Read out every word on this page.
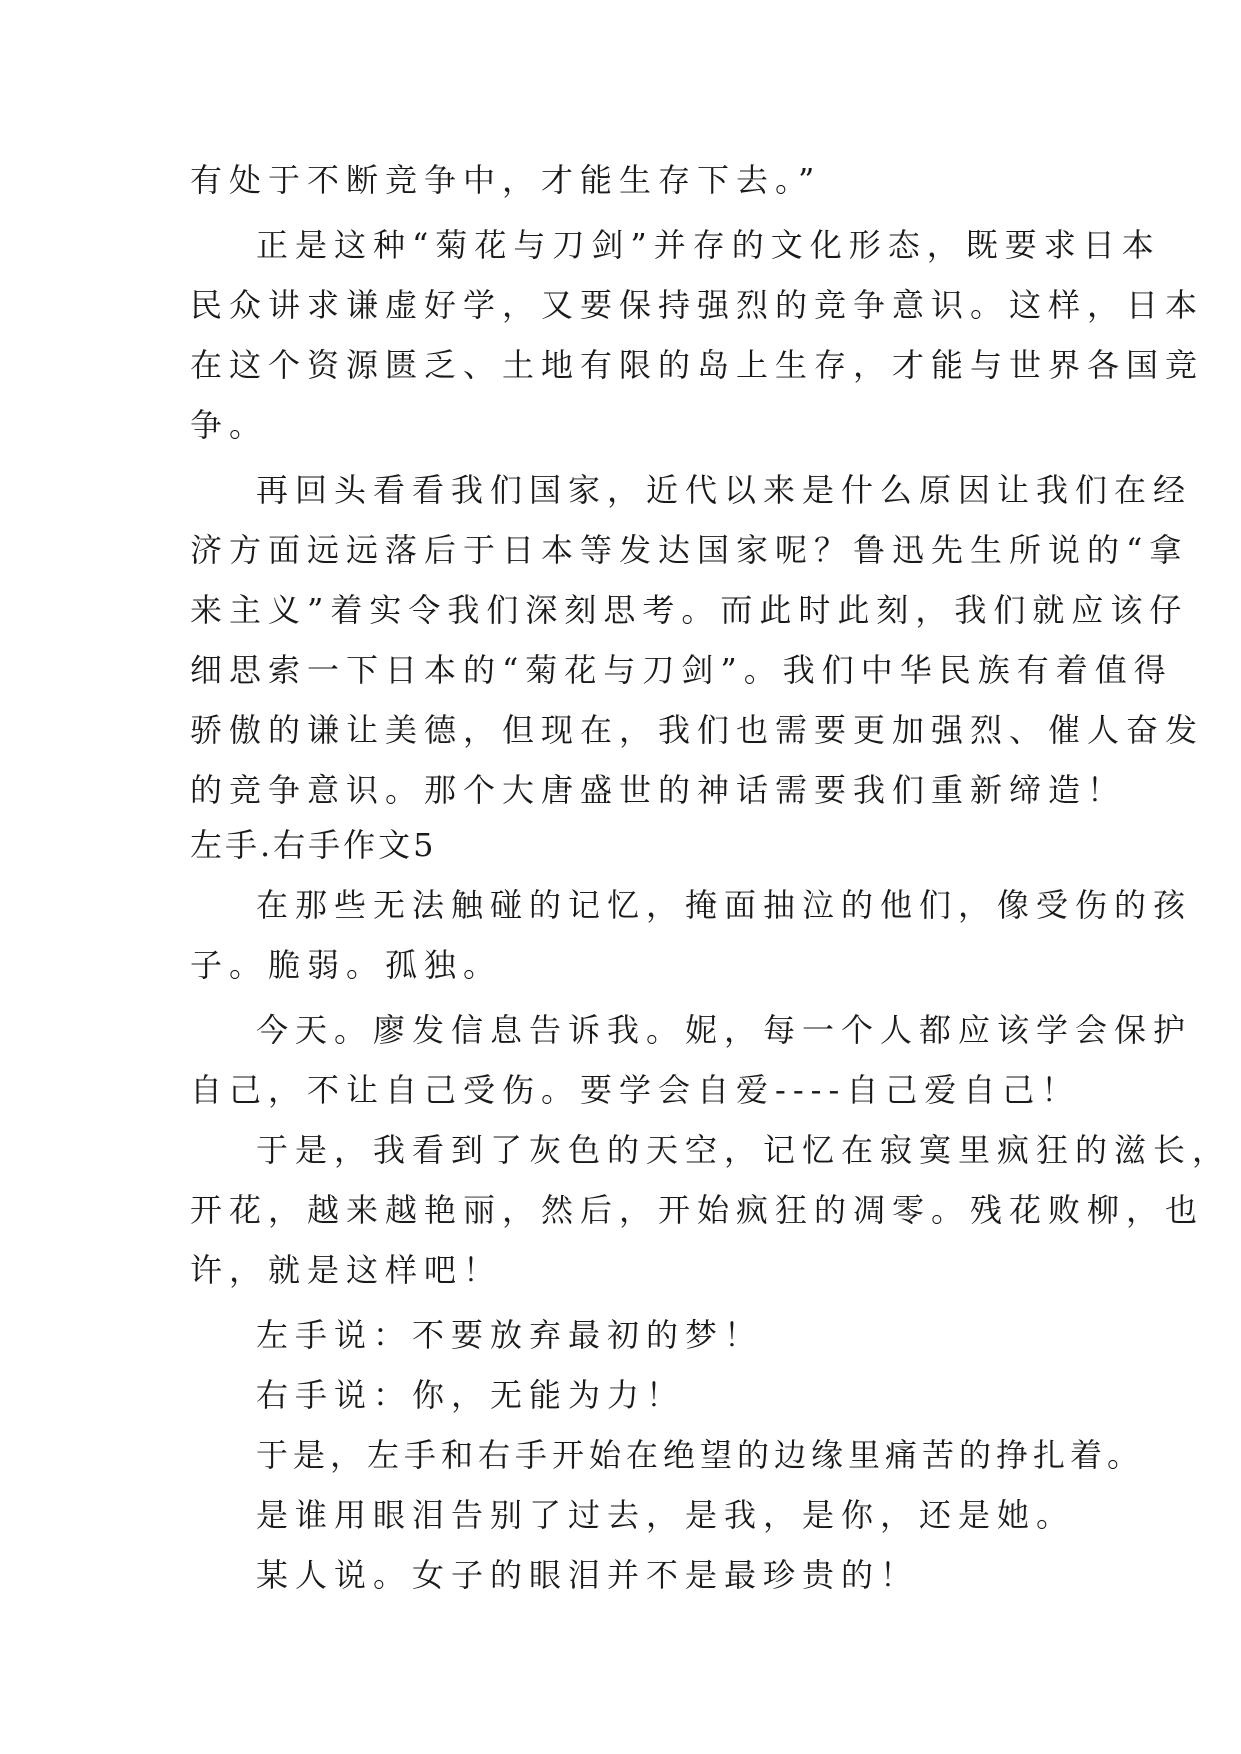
有处于不断竞争中，才能生存下去。”
正是这种“菊花与刀剑”并存的文化形态，既要求日本
民众讲求谦虚好学，又要保持强烈的竞争意识。这样，日本
在这个资源匮乏、土地有限的岛上生存，才能与世界各国竞
争。
再回头看看我们国家，近代以来是什么原因让我们在经
济方面远远落后于日本等发达国家呢？鲁迅先生所说的“拿
来主义”着实令我们深刻思考。而此时此刻，我们就应该仔
细思索一下日本的“菊花与刀剑”。我们中华民族有着值得
骄傲的谦让美德，但现在，我们也需要更加强烈、催人奋发
的竞争意识。那个大唐盛世的神话需要我们重新缔造！
左手.右手作文5
在那些无法触碰的记忆，掩面抽泣的他们，像受伤的孩
子。脆弱。孤独。
今天。廖发信息告诉我。妮，每一个人都应该学会保护
自己，不让自己受伤。要学会自爱----自己爱自己！
于是，我看到了灰色的天空，记忆在寂寞里疯狂的滋长，
开花，越来越艳丽，然后，开始疯狂的凋零。残花败柳，也
许，就是这样吧！
左手说：不要放弃最初的梦！
右手说：你，无能为力！
于是，左手和右手开始在绝望的边缘里痛苦的挣扎着。
是谁用眼泪告别了过去，是我，是你，还是她。
某人说。女子的眼泪并不是最珍贵的！
